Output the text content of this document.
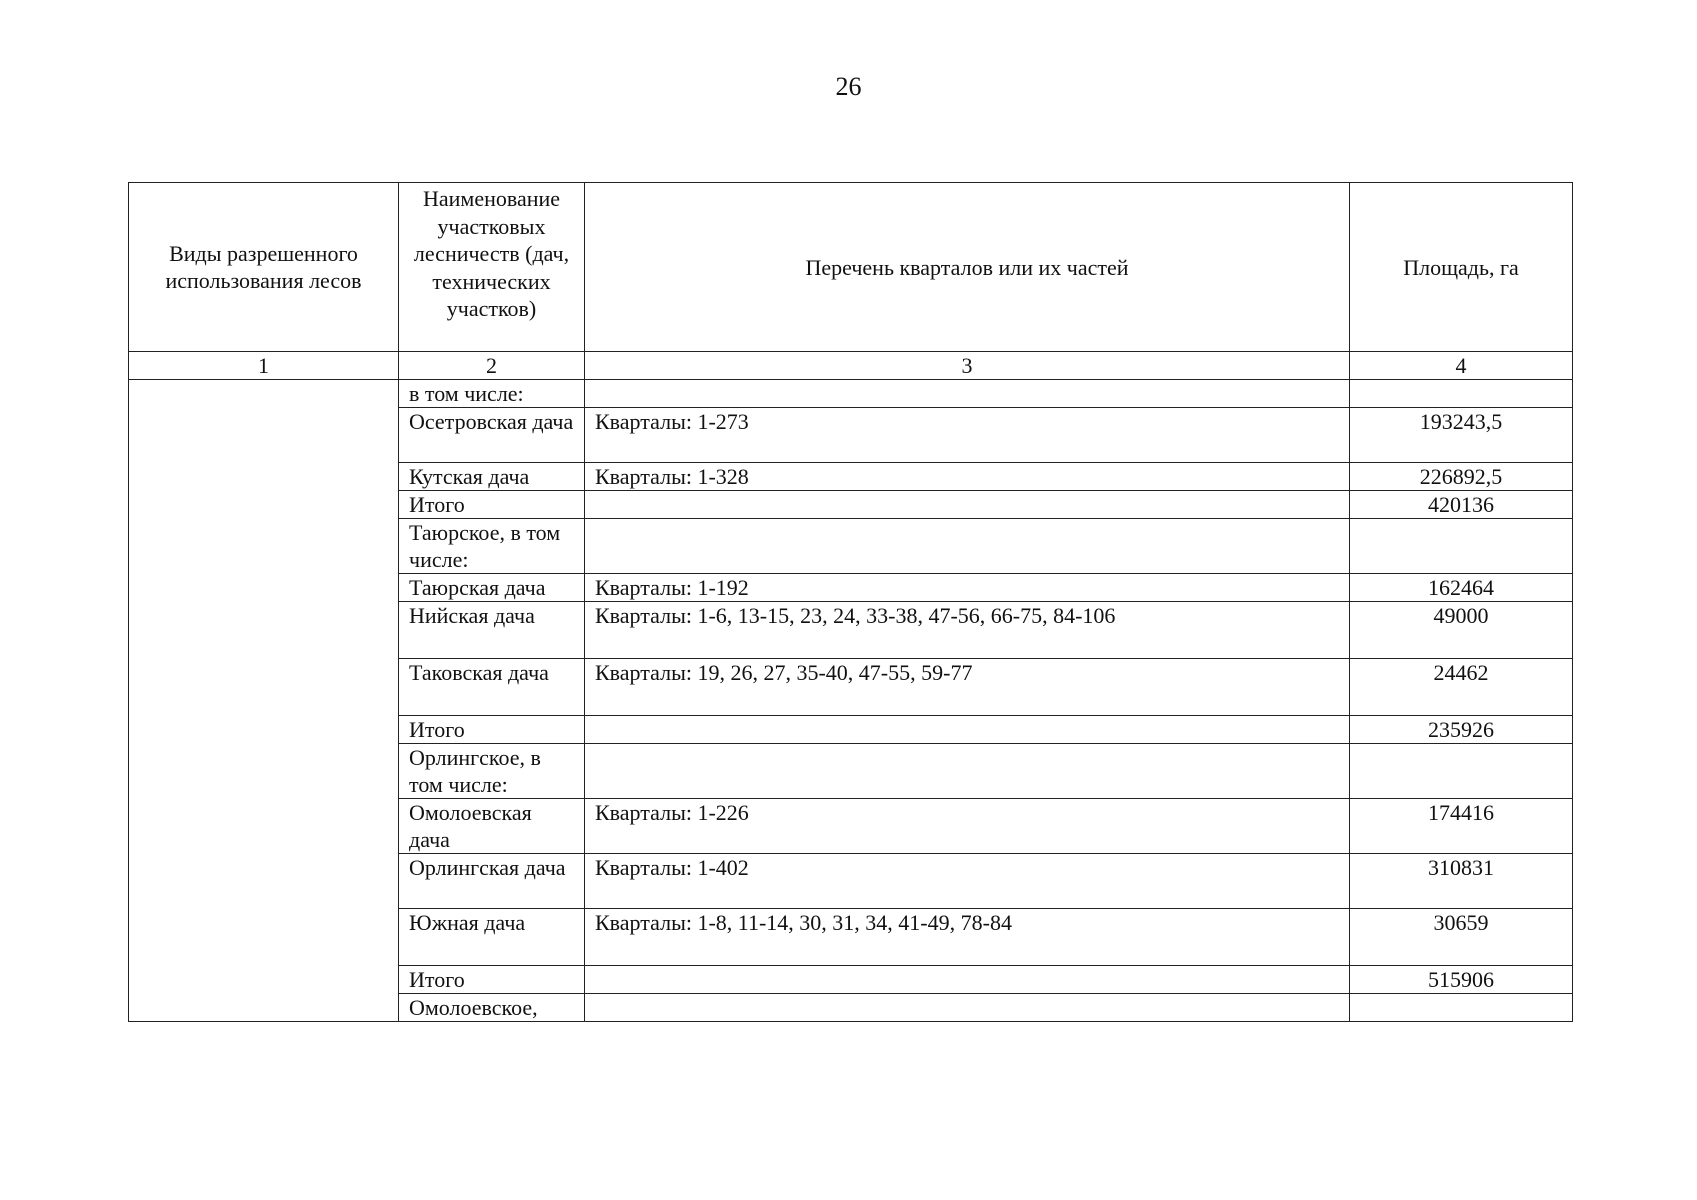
26
Виды разрешенного использования лесов	Наименование участковых лесничеств (дач, технических участков)	Перечень кварталов или их частей	Площадь, га
1	2	3	4
	в том числе:		
	Осетровская дача	Кварталы: 1-273	193243,5
	Кутская дача	Кварталы: 1-328	226892,5
	Итого		420136
	Таюрское, в том числе:		
	Таюрская дача	Кварталы: 1-192	162464
	Нийская дача	Кварталы: 1-6, 13-15, 23, 24, 33-38, 47-56, 66-75, 84-106	49000
	Таковская дача	Кварталы: 19, 26, 27, 35-40, 47-55, 59-77	24462
	Итого		235926
	Орлингское, в том числе:		
	Омолоевская дача	Кварталы: 1-226	174416
	Орлингская дача	Кварталы: 1-402	310831
	Южная дача	Кварталы: 1-8, 11-14, 30, 31, 34, 41-49, 78-84	30659
	Итого		515906
	Омолоевское,		
